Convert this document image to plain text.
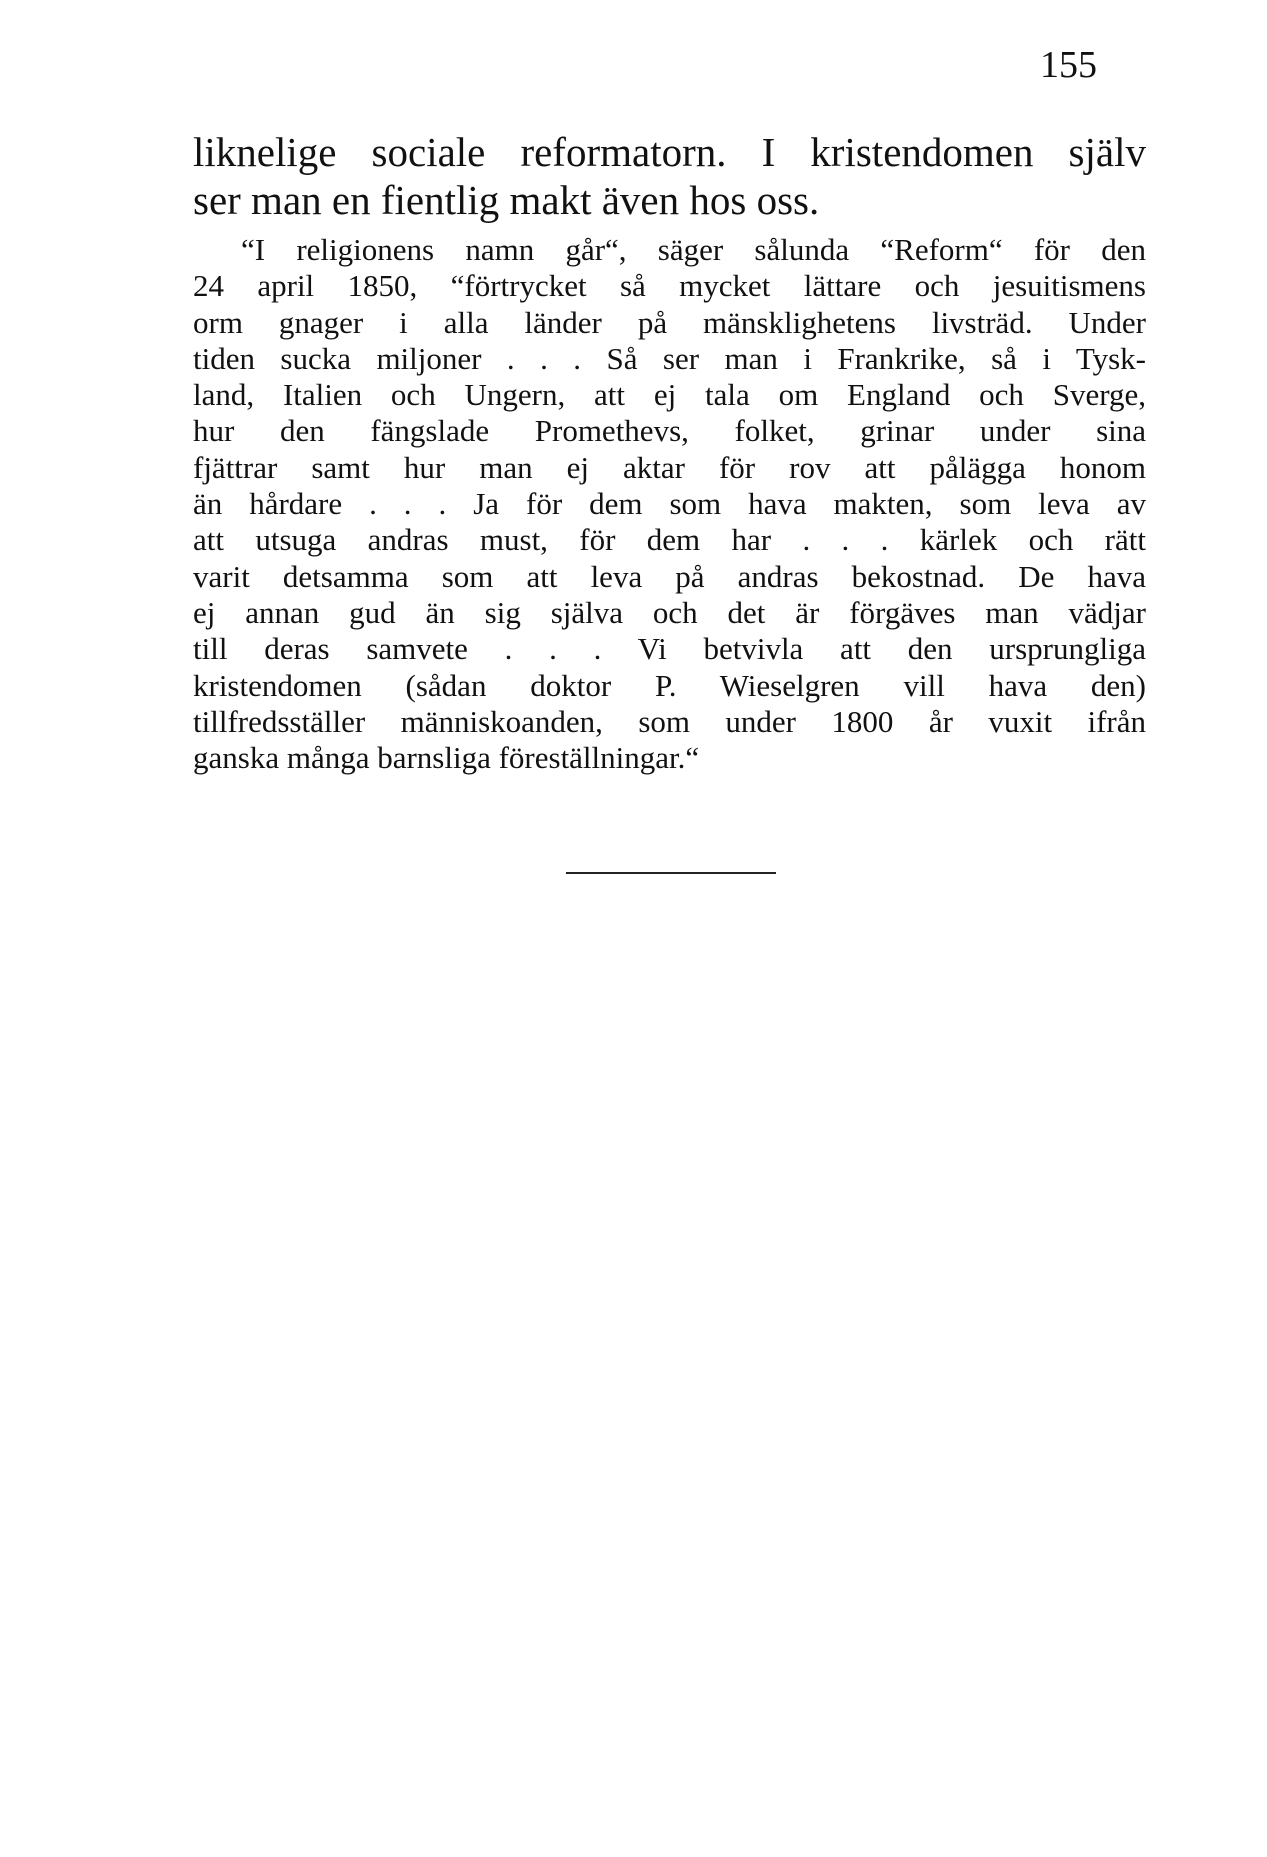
155
liknelige sociale reformatorn. I kristendomen själv
ser man en fientlig makt även hos oss.
“I religionens namn går“, säger sålunda “Reform“ för den
24 april 1850, “förtrycket så mycket lättare och jesuitismens
orm gnager i alla länder på mänsklighetens livsträd. Under
tiden sucka miljoner . . . Så ser man i Frankrike, så i Tysk-
land, Italien och Ungern, att ej tala om England och Sverge,
hur den fängslade Promethevs, folket, grinar under sina
fjättrar samt hur man ej aktar för rov att pålägga honom
än hårdare . . . Ja för dem som hava makten, som leva av
att utsuga andras must, för dem har . . . kärlek och rätt
varit detsamma som att leva på andras bekostnad. De hava
ej annan gud än sig själva och det är förgäves man vädjar
till deras samvete . . . Vi betvivla att den ursprungliga
kristendomen (sådan doktor P. Wieselgren vill hava den)
tillfredsställer människoanden, som under 1800 år vuxit ifrån
ganska många barnsliga föreställningar.“
